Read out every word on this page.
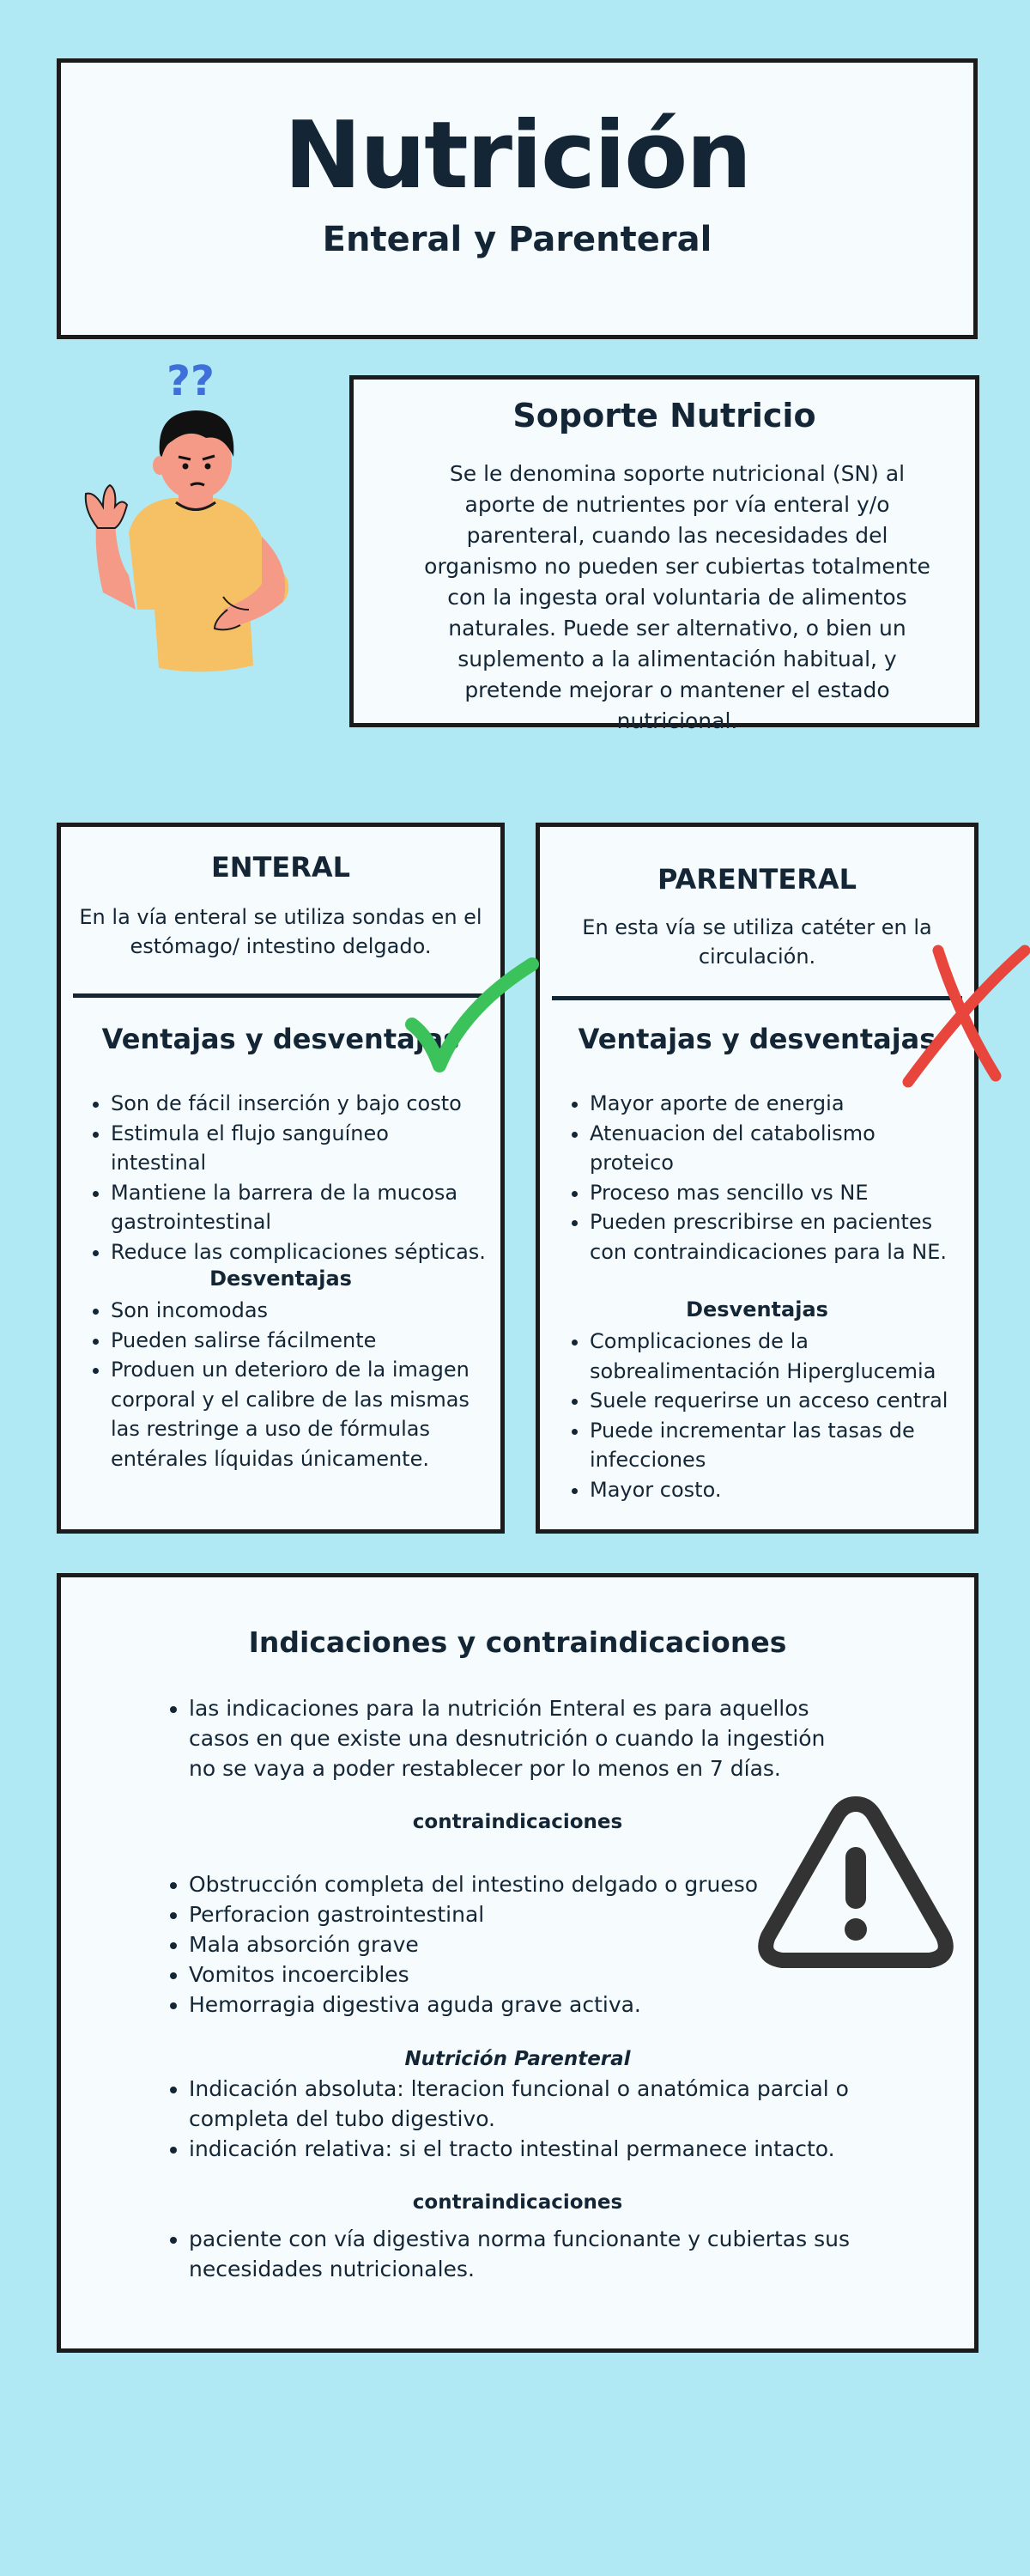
Nutrición
Enteral y Parenteral
??
Soporte Nutricio

Se le denomina soporte nutricional (SN) al aporte de nutrientes por vía enteral y/o parenteral, cuando las necesidades del organismo no pueden ser cubiertas totalmente con la ingesta oral voluntaria de alimentos naturales. Puede ser alternativo, o bien un suplemento a la alimentación habitual, y pretende mejorar o mantener el estado nutricional.

ENTERAL
En la vía enteral se utiliza sondas en el estómago/ intestino delgado.
Ventajas y desventajas
• Son de fácil inserción y bajo costo
• Estimula el flujo sanguíneo intestinal
• Mantiene la barrera de la mucosa gastrointestinal
• Reduce las complicaciones sépticas.
Desventajas
• Son incomodas
• Pueden salirse fácilmente
• Produen un deterioro de la imagen corporal y el calibre de las mismas las restringe a uso de fórmulas entérales líquidas únicamente.
PARENTERAL
En esta vía se utiliza catéter en la circulación.
Ventajas y desventajas
• Mayor aporte de energia
• Atenuacion del catabolismo proteico
• Proceso mas sencillo vs NE
• Pueden prescribirse en pacientes con contraindicaciones para la NE.
Desventajas
• Complicaciones de la sobrealimentación Hiperglucemia
• Suele requerirse un acceso central
• Puede incrementar las tasas de infecciones
• Mayor costo.
Indicaciones y contraindicaciones
• las indicaciones para la nutrición Enteral es para aquellos casos en que existe una desnutrición o cuando la ingestión no se vaya a poder restablecer por lo menos en 7 días.
contraindicaciones
• Obstrucción completa del intestino delgado o grueso
• Perforacion gastrointestinal
• Mala absorción grave
• Vomitos incoercibles
• Hemorragia digestiva aguda grave activa.
Nutrición Parenteral
• Indicación absoluta: lteracion funcional o anatómica parcial o completa del tubo digestivo.
• indicación relativa: si el tracto intestinal permanece intacto.
contraindicaciones
• paciente con vía digestiva norma funcionante y cubiertas sus necesidades nutricionales.
